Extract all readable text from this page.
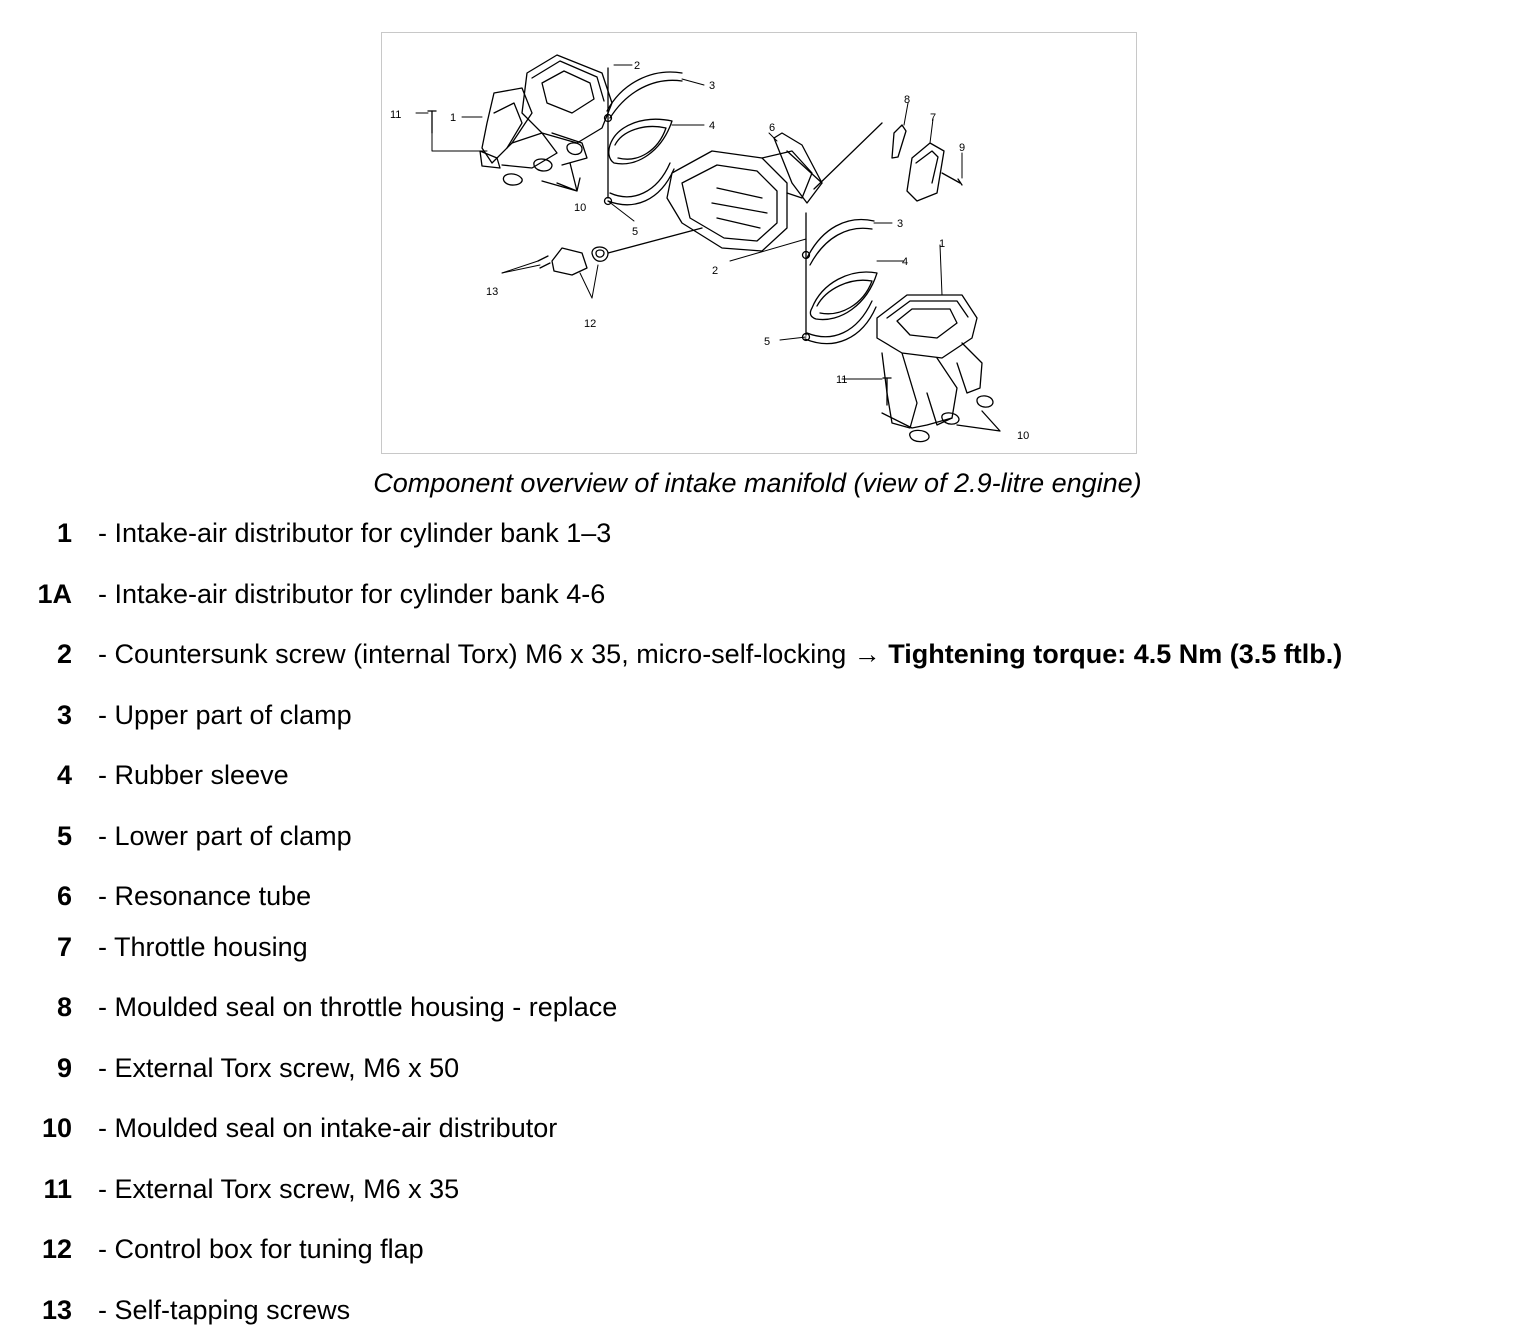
11	1
2
3
4	6
8
7
9
10
5
3
1
2
4
13
12
5
11
10
Component overview of intake manifold (view of 2.9-litre engine)
1 - Intake-air distributor for cylinder bank 1–3
1A - Intake-air distributor for cylinder bank 4-6
2 - Countersunk screw (internal Torx) M6 x 35, micro-self-locking → Tightening torque: 4.5 Nm (3.5 ftlb.)
3 - Upper part of clamp
4 - Rubber sleeve
5 - Lower part of clamp
6 - Resonance tube
7 - Throttle housing
8 - Moulded seal on throttle housing - replace
9 - External Torx screw, M6 x 50
10 - Moulded seal on intake-air distributor
11 - External Torx screw, M6 x 35
12 - Control box for tuning flap
13 - Self-tapping screws
